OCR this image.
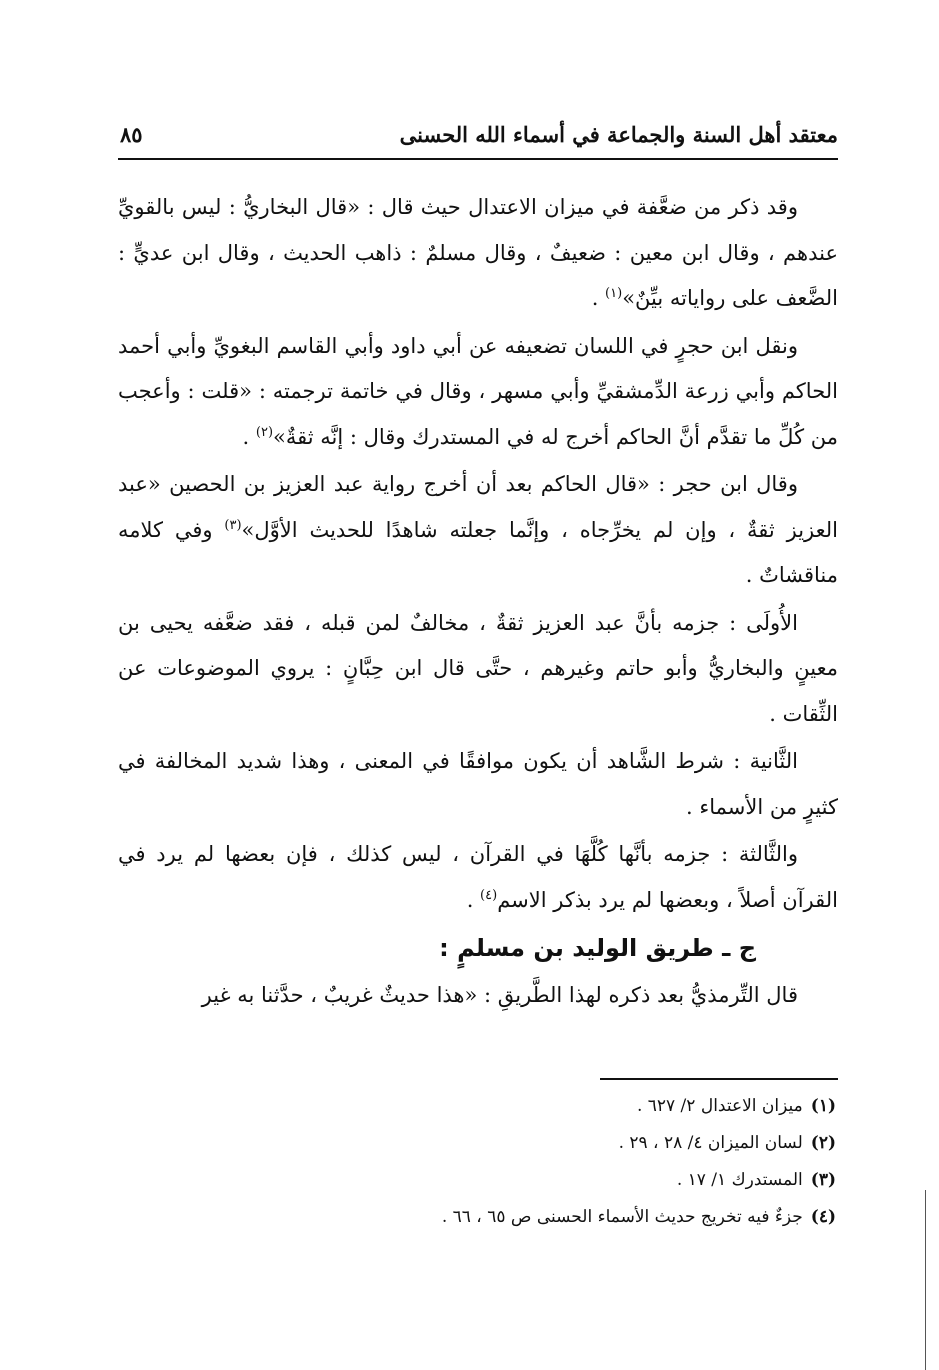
معتقد أهل السنة والجماعة في أسماء الله الحسنى
٨٥

وقد ذكر من ضعَّفة في ميزان الاعتدال حيث قال : «قال البخاريُّ : ليس بالقويِّ عندهم ، وقال ابن معين : ضعيفٌ ، وقال مسلمٌ : ذاهب الحديث ، وقال ابن عديٍّ : الضَّعف على رواياته بيِّنٌ»$^{(١)}$ .

ونقل ابن حجرٍ في اللسان تضعيفه عن أبي داود وأبي القاسم البغويِّ وأبي أحمد الحاكم وأبي زرعة الدِّمشقيِّ وأبي مسهر ، وقال في خاتمة ترجمته : «قلت : وأعجب من كُلِّ ما تقدَّم أنَّ الحاكم أخرج له في المستدرك وقال : إنَّه ثقةٌ»$^{(٢)}$ .

وقال ابن حجر : «قال الحاكم بعد أن أخرج رواية عبد العزيز بن الحصين «عبد العزيز ثقةٌ ، وإن لم يخرِّجاه ، وإنَّما جعلته شاهدًا للحديث الأوَّل»$^{(٣)}$ وفي كلامه مناقشاتٌ .

الأُولَى : جزمه بأنَّ عبد العزيز ثقةٌ ، مخالفٌ لمن قبله ، فقد ضعَّفه يحيى بن معينٍ والبخاريُّ وأبو حاتم وغيرهم ، حتَّى قال ابن حِبَّانٍ : يروي الموضوعات عن الثِّقات .

الثَّانية : شرط الشَّاهد أن يكون موافقًا في المعنى ، وهذا شديد المخالفة في كثيرٍ من الأسماء .

والثَّالثة : جزمه بأنَّها كُلَّهَا في القرآن ، ليس كذلك ، فإن بعضها لم يرد في القرآن أصلاً ، وبعضها لم يرد بذكر الاسم$^{(٤)}$ .

ج ـ طريق الوليد بن مسلمٍ :

قال التِّرمذيُّ بعد ذكره لهذا الطَّريقِ : «هذا حديثٌ غريبٌ ، حدَّثنا به غير

(١)ميزان الاعتدال ٢/ ٦٢٧ .
(٢)لسان الميزان ٤/ ٢٨ ، ٢٩ .
(٣)المستدرك ١/ ١٧ .
(٤)جزءٌ فيه تخريج حديث الأسماء الحسنى ص ٦٥ ، ٦٦ .
